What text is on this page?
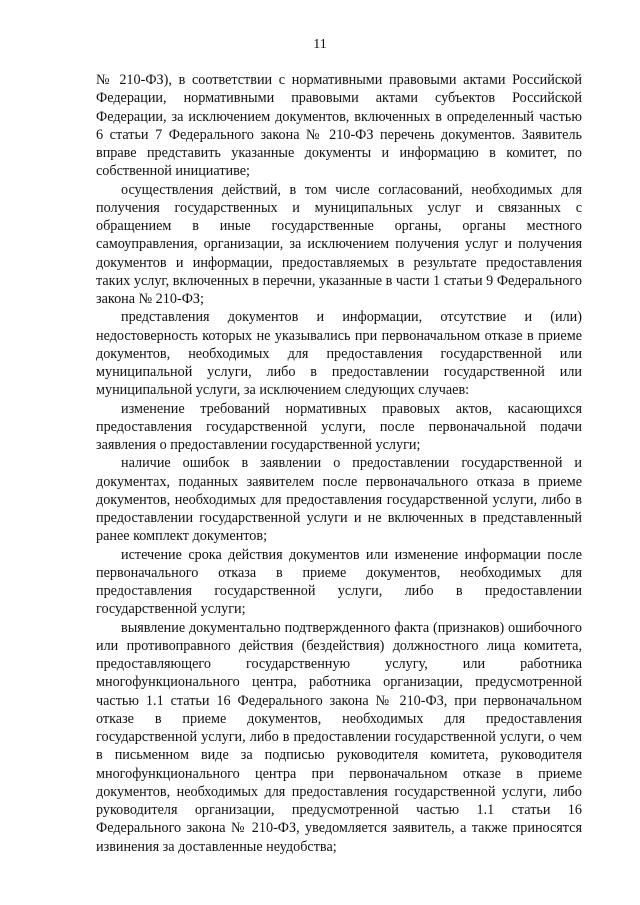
11

№ 210-ФЗ), в соответствии с нормативными правовыми актами Российской Федерации, нормативными правовыми актами субъектов Российской Федерации, за исключением документов, включенных в определенный частью 6 статьи 7 Федерального закона № 210-ФЗ перечень документов. Заявитель вправе представить указанные документы и информацию в комитет, по собственной инициативе;

осуществления действий, в том числе согласований, необходимых для получения государственных и муниципальных услуг и связанных с обращением в иные государственные органы, органы местного самоуправления, организации, за исключением получения услуг и получения документов и информации, предоставляемых в результате предоставления таких услуг, включенных в перечни, указанные в части 1 статьи 9 Федерального закона № 210-ФЗ;

представления документов и информации, отсутствие и (или) недостоверность которых не указывались при первоначальном отказе в приеме документов, необходимых для предоставления государственной или муниципальной услуги, либо в предоставлении государственной или муниципальной услуги, за исключением следующих случаев:

изменение требований нормативных правовых актов, касающихся предоставления государственной услуги, после первоначальной подачи заявления о предоставлении государственной услуги;

наличие ошибок в заявлении о предоставлении государственной и документах, поданных заявителем после первоначального отказа в приеме документов, необходимых для предоставления государственной услуги, либо в предоставлении государственной услуги и не включенных в представленный ранее комплект документов;

истечение срока действия документов или изменение информации после первоначального отказа в приеме документов, необходимых для предоставления государственной услуги, либо в предоставлении государственной услуги;

выявление документально подтвержденного факта (признаков) ошибочного или противоправного действия (бездействия) должностного лица комитета, предоставляющего государственную услугу, или работника многофункционального центра, работника организации, предусмотренной частью 1.1 статьи 16 Федерального закона № 210-ФЗ, при первоначальном отказе в приеме документов, необходимых для предоставления государственной услуги, либо в предоставлении государственной услуги, о чем в письменном виде за подписью руководителя комитета, руководителя многофункционального центра при первоначальном отказе в приеме документов, необходимых для предоставления государственной услуги, либо руководителя организации, предусмотренной частью 1.1 статьи 16 Федерального закона № 210-ФЗ, уведомляется заявитель, а также приносятся извинения за доставленные неудобства;
